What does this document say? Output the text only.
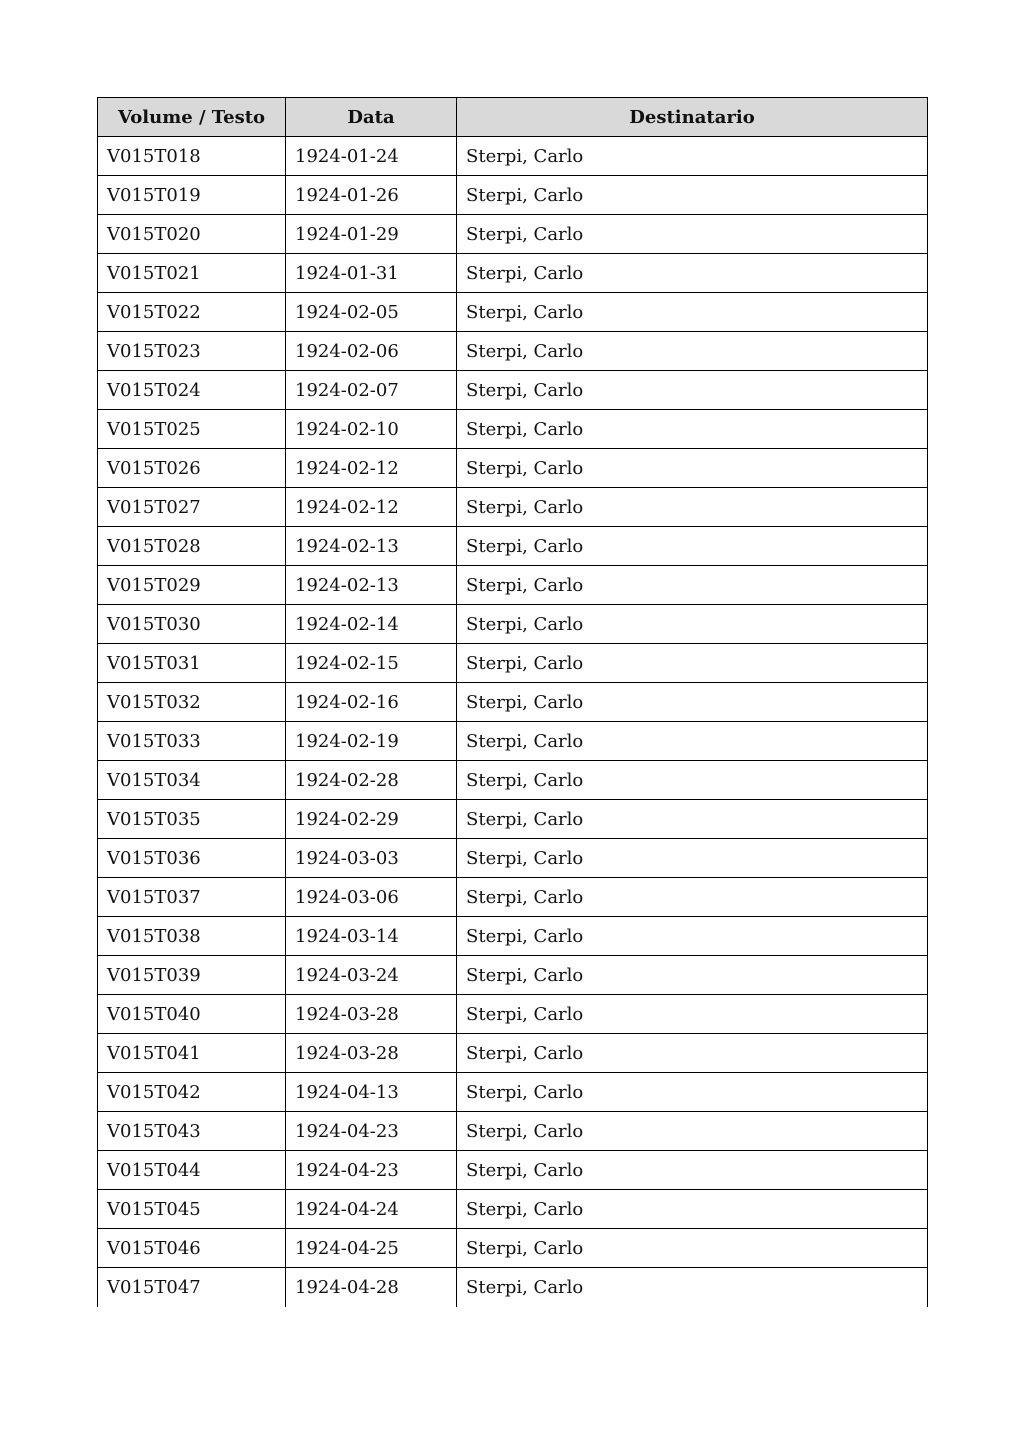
Volume / Testo	Data	Destinatario
V015T018	1924-01-24	Sterpi, Carlo
V015T019	1924-01-26	Sterpi, Carlo
V015T020	1924-01-29	Sterpi, Carlo
V015T021	1924-01-31	Sterpi, Carlo
V015T022	1924-02-05	Sterpi, Carlo
V015T023	1924-02-06	Sterpi, Carlo
V015T024	1924-02-07	Sterpi, Carlo
V015T025	1924-02-10	Sterpi, Carlo
V015T026	1924-02-12	Sterpi, Carlo
V015T027	1924-02-12	Sterpi, Carlo
V015T028	1924-02-13	Sterpi, Carlo
V015T029	1924-02-13	Sterpi, Carlo
V015T030	1924-02-14	Sterpi, Carlo
V015T031	1924-02-15	Sterpi, Carlo
V015T032	1924-02-16	Sterpi, Carlo
V015T033	1924-02-19	Sterpi, Carlo
V015T034	1924-02-28	Sterpi, Carlo
V015T035	1924-02-29	Sterpi, Carlo
V015T036	1924-03-03	Sterpi, Carlo
V015T037	1924-03-06	Sterpi, Carlo
V015T038	1924-03-14	Sterpi, Carlo
V015T039	1924-03-24	Sterpi, Carlo
V015T040	1924-03-28	Sterpi, Carlo
V015T041	1924-03-28	Sterpi, Carlo
V015T042	1924-04-13	Sterpi, Carlo
V015T043	1924-04-23	Sterpi, Carlo
V015T044	1924-04-23	Sterpi, Carlo
V015T045	1924-04-24	Sterpi, Carlo
V015T046	1924-04-25	Sterpi, Carlo
V015T047	1924-04-28	Sterpi, Carlo
